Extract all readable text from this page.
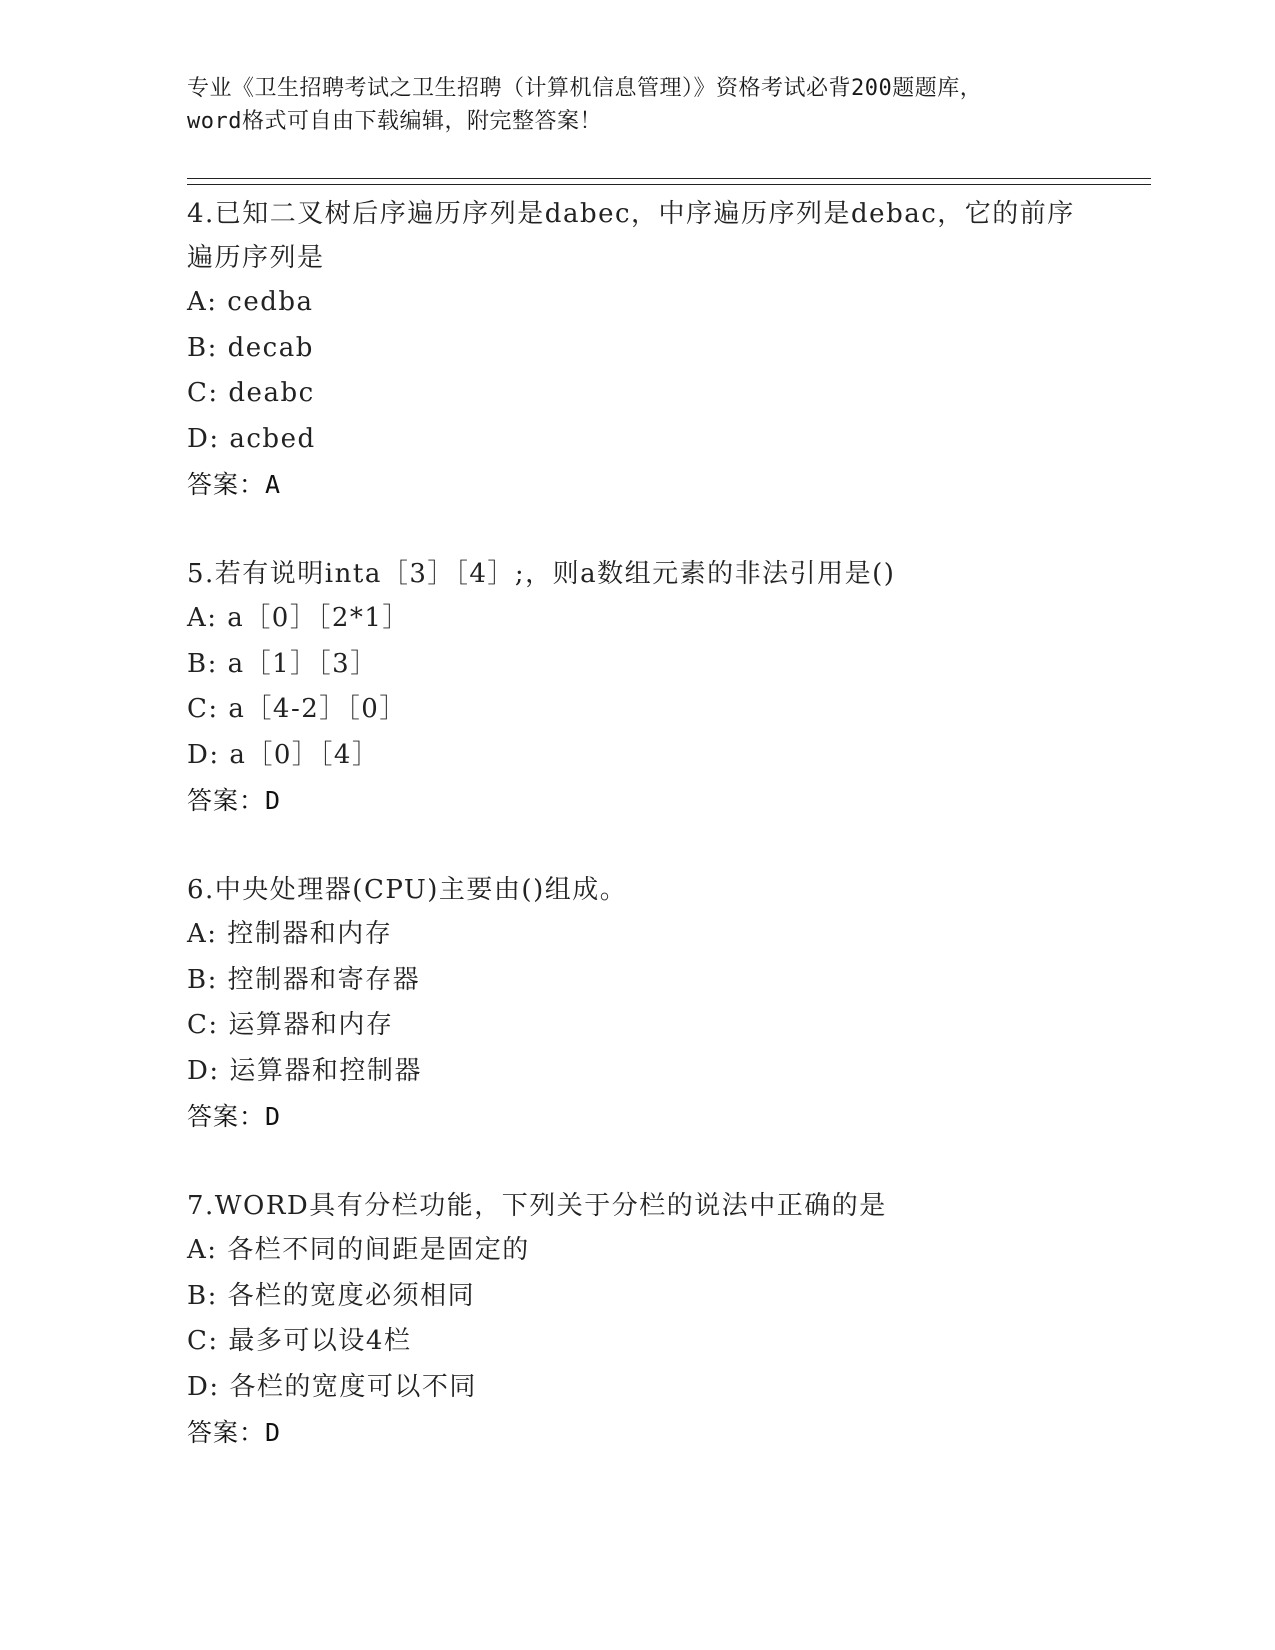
专业《卫生招聘考试之卫生招聘（计算机信息管理）》资格考试必背200题题库，
word格式可自由下载编辑，附完整答案！

4.已知二叉树后序遍历序列是dabec，中序遍历序列是debac，它的前序遍历序列是

A: cedba

B: decab

C: deabc

D: acbed

答案：A

5.若有说明inta［3］［4］;，则a数组元素的非法引用是()

A: a［0］［2*1］

B: a［1］［3］

C: a［4-2］［0］

D: a［0］［4］

答案：D

6.中央处理器(CPU)主要由()组成。

A: 控制器和内存

B: 控制器和寄存器

C: 运算器和内存

D: 运算器和控制器

答案：D

7.WORD具有分栏功能，下列关于分栏的说法中正确的是

A: 各栏不同的间距是固定的

B: 各栏的宽度必须相同

C: 最多可以设4栏

D: 各栏的宽度可以不同

答案：D
